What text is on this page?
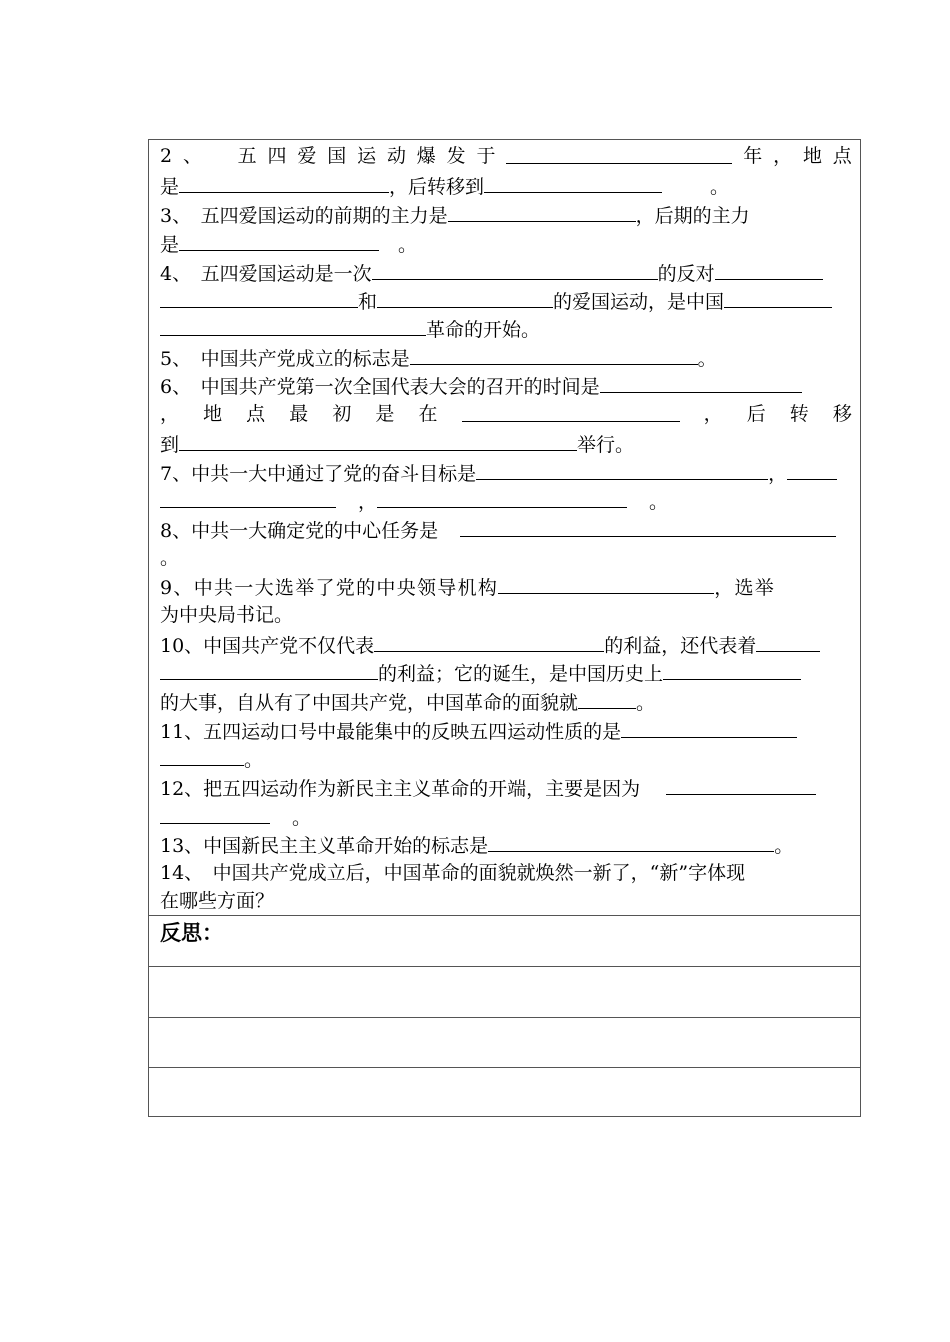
2 、 五 四 爱 国 运 动 爆 发 于	年 ， 地 点
是	，后转移到	。
3、　五四爱国运动的前期的主力是	，后期的主力
是	　。
4、　五四爱国运动是一次	的反对
和	的爱国运动，是中国
革命的开始。
5、　中国共产党成立的标志是	。
6、　中国共产党第一次全国代表大会的召开的时间是
， 地 点 最 初 是 在	， 后 转 移
到	举行。
7、中共一大中通过了党的奋斗目标是	，
，	。
8、中共一大确定党的中心任务是
。
9、中共一大选举了党的中央领导机构	，选举
为中央局书记。
10、中国共产党不仅代表	的利益，还代表着
的利益；它的诞生，是中国历史上
的大事，自从有了中国共产党，中国革命的面貌就	。
11、五四运动口号中最能集中的反映五四运动性质的是
。
12、把五四运动作为新民主主义革命的开端，主要是因为
。
13、中国新民主主义革命开始的标志是	。
14、　中国共产党成立后，中国革命的面貌就焕然一新了，“新”字体现
在哪些方面？
反思：
